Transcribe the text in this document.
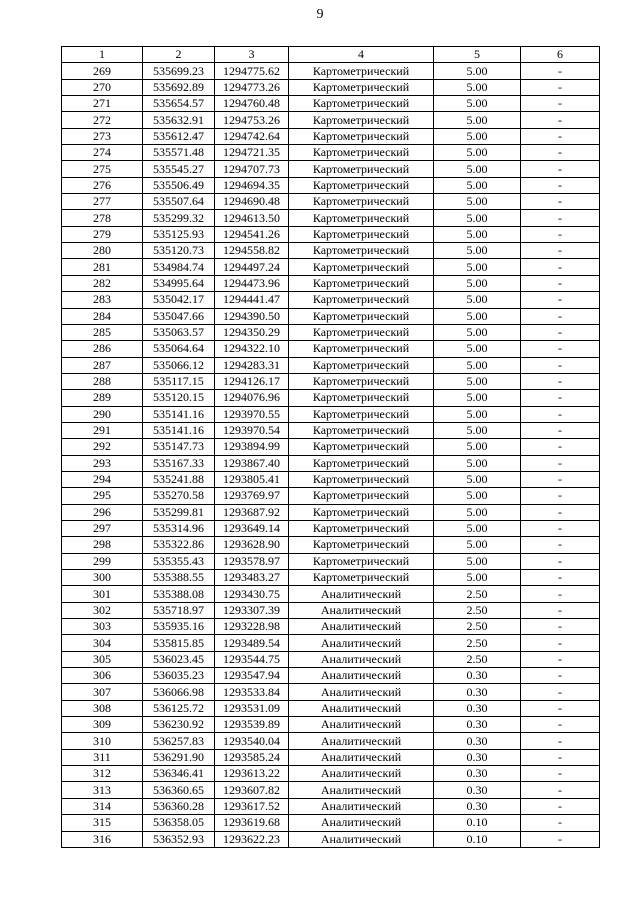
9
1	2	3	4	5	6
269	535699.23	1294775.62	Картометрический	5.00	-
270	535692.89	1294773.26	Картометрический	5.00	-
271	535654.57	1294760.48	Картометрический	5.00	-
272	535632.91	1294753.26	Картометрический	5.00	-
273	535612.47	1294742.64	Картометрический	5.00	-
274	535571.48	1294721.35	Картометрический	5.00	-
275	535545.27	1294707.73	Картометрический	5.00	-
276	535506.49	1294694.35	Картометрический	5.00	-
277	535507.64	1294690.48	Картометрический	5.00	-
278	535299.32	1294613.50	Картометрический	5.00	-
279	535125.93	1294541.26	Картометрический	5.00	-
280	535120.73	1294558.82	Картометрический	5.00	-
281	534984.74	1294497.24	Картометрический	5.00	-
282	534995.64	1294473.96	Картометрический	5.00	-
283	535042.17	1294441.47	Картометрический	5.00	-
284	535047.66	1294390.50	Картометрический	5.00	-
285	535063.57	1294350.29	Картометрический	5.00	-
286	535064.64	1294322.10	Картометрический	5.00	-
287	535066.12	1294283.31	Картометрический	5.00	-
288	535117.15	1294126.17	Картометрический	5.00	-
289	535120.15	1294076.96	Картометрический	5.00	-
290	535141.16	1293970.55	Картометрический	5.00	-
291	535141.16	1293970.54	Картометрический	5.00	-
292	535147.73	1293894.99	Картометрический	5.00	-
293	535167.33	1293867.40	Картометрический	5.00	-
294	535241.88	1293805.41	Картометрический	5.00	-
295	535270.58	1293769.97	Картометрический	5.00	-
296	535299.81	1293687.92	Картометрический	5.00	-
297	535314.96	1293649.14	Картометрический	5.00	-
298	535322.86	1293628.90	Картометрический	5.00	-
299	535355.43	1293578.97	Картометрический	5.00	-
300	535388.55	1293483.27	Картометрический	5.00	-
301	535388.08	1293430.75	Аналитический	2.50	-
302	535718.97	1293307.39	Аналитический	2.50	-
303	535935.16	1293228.98	Аналитический	2.50	-
304	535815.85	1293489.54	Аналитический	2.50	-
305	536023.45	1293544.75	Аналитический	2.50	-
306	536035.23	1293547.94	Аналитический	0.30	-
307	536066.98	1293533.84	Аналитический	0.30	-
308	536125.72	1293531.09	Аналитический	0.30	-
309	536230.92	1293539.89	Аналитический	0.30	-
310	536257.83	1293540.04	Аналитический	0.30	-
311	536291.90	1293585.24	Аналитический	0.30	-
312	536346.41	1293613.22	Аналитический	0.30	-
313	536360.65	1293607.82	Аналитический	0.30	-
314	536360.28	1293617.52	Аналитический	0.30	-
315	536358.05	1293619.68	Аналитический	0.10	-
316	536352.93	1293622.23	Аналитический	0.10	-
